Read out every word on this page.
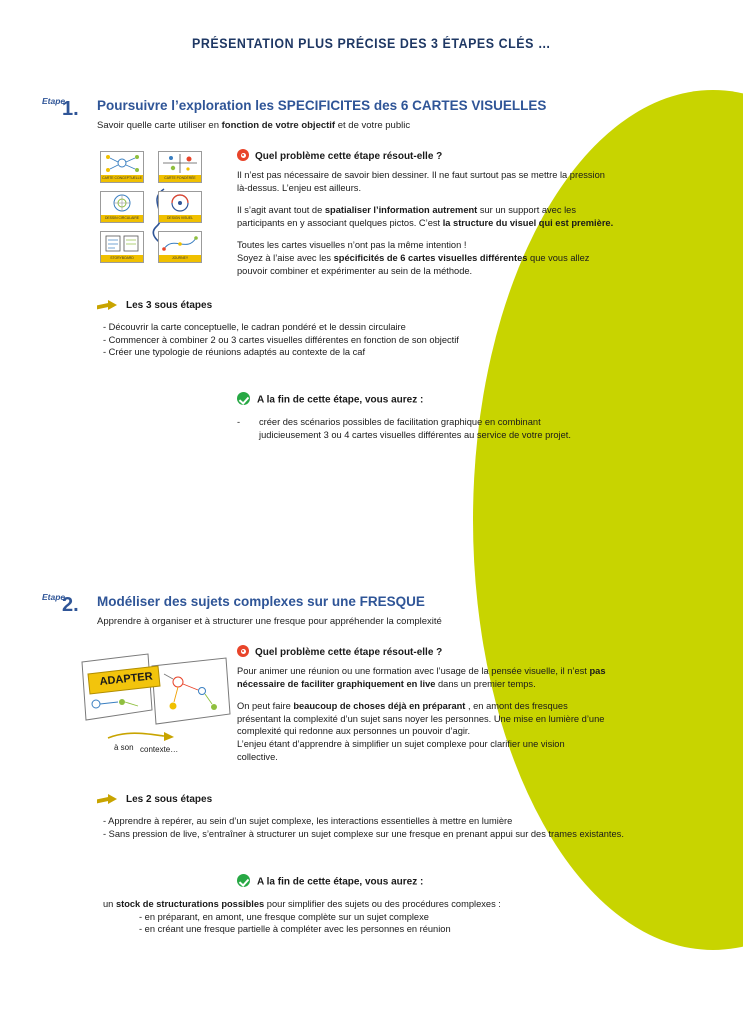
PRÉSENTATION PLUS PRÉCISE DES 3 ÉTAPES CLÉS …
Etape
1. Poursuivre l’exploration les SPECIFICITES des 6 CARTES VISUELLES
Savoir quelle carte utiliser en fonction de votre objectif et de votre public
CARTE CONCEPTUELLE	CARTE PONDÉRÉE
DESSIN CIRCULAIRE	DESIGN VISUEL
STORYBOARD	JOURNEY
Quel problème cette étape résout-elle ?

Il n’est pas nécessaire de savoir bien dessiner. Il ne faut surtout pas se mettre la pression là-dessus. L’enjeu est ailleurs.

Il s’agit avant tout de spatialiser l’information autrement sur un support avec les participants en y associant quelques pictos. C’est la structure du visuel qui est première.

Toutes les cartes visuelles n’ont pas la même intention !
Soyez à l’aise avec les spécificités de 6 cartes visuelles différentes que vous allez pouvoir combiner et expérimenter au sein de la méthode.

Les 3 sous étapes
- Découvrir la carte conceptuelle, le cadran pondéré et le dessin circulaire
- Commencer à combiner 2 ou 3 cartes visuelles différentes en fonction de son objectif
- Créer une typologie de réunions adaptés au contexte de la caf
A la fin de cette étape, vous aurez :
-	créer des scénarios possibles de facilitation graphique en combinant judicieusement 3 ou 4 cartes visuelles différentes au service de votre projet.
Etape
2. Modéliser des sujets complexes sur une FRESQUE
Apprendre à organiser et à structurer une fresque pour appréhender la complexité
ADAPTER
à son contexte…
Quel problème cette étape résout-elle ?

Pour animer une réunion ou une formation avec l’usage de la pensée visuelle, il n’est pas nécessaire de faciliter graphiquement en live dans un premier temps.

On peut faire beaucoup de choses déjà en préparant , en amont des fresques présentant la complexité d’un sujet sans noyer les personnes. Une mise en lumière d’une complexité qui redonne aux personnes un pouvoir d’agir.
L’enjeu étant d’apprendre à simplifier un sujet complexe pour clarifier une vision collective.

Les 2 sous étapes
- Apprendre à repérer, au sein d’un sujet complexe, les interactions essentielles à mettre en lumière
- Sans pression de live, s’entraîner à structurer un sujet complexe sur une fresque en prenant appui sur des trames existantes.
A la fin de cette étape, vous aurez :
un stock de structurations possibles pour simplifier des sujets ou des procédures complexes :
- en préparant, en amont, une fresque complète sur un sujet complexe
- en créant une fresque partielle à compléter avec les personnes en réunion
